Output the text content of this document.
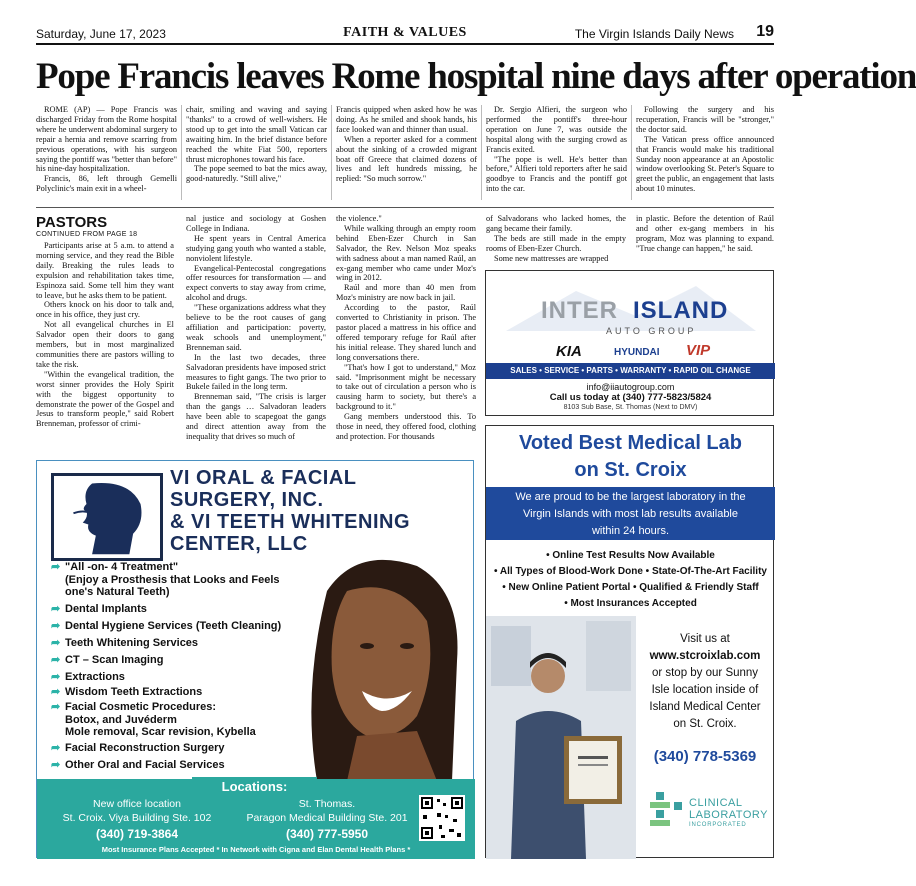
Saturday, June 17, 2023	FAITH & VALUES	The Virgin Islands Daily News 19
Pope Francis leaves Rome hospital nine days after operation

ROME (AP) — Pope Francis was discharged Friday from the Rome hospital where he underwent abdominal surgery to repair a hernia and remove scarring from previous operations, with his surgeon saying the pontiff was "better than before" his nine-day hospitalization.

Francis, 86, left through Gemelli Polyclinic's main exit in a wheel-

chair, smiling and waving and saying "thanks" to a crowd of well-wishers. He stood up to get into the small Vatican car awaiting him. In the brief distance before reached the white Fiat 500, reporters thrust microphones toward his face.

The pope seemed to bat the mics away, good-naturedly. "Still alive,"

Francis quipped when asked how he was doing. As he smiled and shook hands, his face looked wan and thinner than usual.

When a reporter asked for a comment about the sinking of a crowded migrant boat off Greece that claimed dozens of lives and left hundreds missing, he replied: "So much sorrow."

Dr. Sergio Alfieri, the surgeon who performed the pontiff's three-hour operation on June 7, was outside the hospital along with the surging crowd as Francis exited.

"The pope is well. He's better than before," Alfieri told reporters after he said goodbye to Francis and the pontiff got into the car.

Following the surgery and his recuperation, Francis will be "stronger," the doctor said.

The Vatican press office announced that Francis would make his traditional Sunday noon appearance at an Apostolic window overlooking St. Peter's Square to greet the public, an engagement that lasts about 10 minutes.

PASTORS
CONTINUED FROM PAGE 18

Participants arise at 5 a.m. to attend a morning service, and they read the Bible daily. Breaking the rules leads to expulsion and rehabilitation takes time, Espinoza said. Some tell him they want to leave, but he asks them to be patient.

Others knock on his door to talk and, once in his office, they just cry.

Not all evangelical churches in El Salvador open their doors to gang members, but in most marginalized communities there are pastors willing to take the risk.

"Within the evangelical tradition, the worst sinner provides the Holy Spirit with the biggest opportunity to demonstrate the power of the Gospel and Jesus to transform people," said Robert Brenneman, professor of crimi-

nal justice and sociology at Goshen College in Indiana.

He spent years in Central America studying gang youth who wanted a stable, nonviolent lifestyle.

Evangelical-Pentecostal congregations offer resources for transformation — and expect converts to stay away from crime, alcohol and drugs.

"These organizations address what they believe to be the root causes of gang affiliation and participation: poverty, weak schools and unemployment," Brenneman said.

In the last two decades, three Salvadoran presidents have imposed strict measures to fight gangs. The two prior to Bukele failed in the long term.

Brenneman said, "The crisis is larger than the gangs … Salvadoran leaders have been able to scapegoat the gangs and direct attention away from the inequality that drives so much of

the violence."

While walking through an empty room behind Eben-Ezer Church in San Salvador, the Rev. Nelson Moz speaks with sadness about a man named Raúl, an ex-gang member who came under Moz's wing in 2012.

Raúl and more than 40 men from Moz's ministry are now back in jail.

According to the pastor, Raúl converted to Christianity in prison. The pastor placed a mattress in his office and offered temporary refuge for Raúl after his initial release. They shared lunch and long conversations there.

"That's how I got to understand," Moz said. "Imprisonment might be necessary to take out of circulation a person who is causing harm to society, but there's a background to it."

Gang members understood this. To those in need, they offered food, clothing and protection. For thousands

of Salvadorans who lacked homes, the gang became their family.

The beds are still made in the empty rooms of Eben-Ezer Church.

Some new mattresses are wrapped

in plastic. Before the detention of Raúl and other ex-gang members in his program, Moz was planning to expand. "True change can happen," he said.

INTER ISLAND
AUTO GROUP
KIA	HYUNDAI VIP
SALES • SERVICE • PARTS • WARRANTY • RAPID OIL CHANGE
info@iiautogroup.com
Call us today at (340) 777-5823/5824
8103 Sub Base, St. Thomas (Next to DMV)
Voted Best Medical Lab
on St. Croix
We are proud to be the largest laboratory in the
Virgin Islands with most lab results available
within 24 hours.
• Online Test Results Now Available
• All Types of Blood-Work Done • State-Of-The-Art Facility
• New Online Patient Portal • Qualified & Friendly Staff
• Most Insurances Accepted
Visit us at
www.stcroixlab.com
or stop by our Sunny
Isle location inside of
Island Medical Center
on St. Croix.
(340) 778-5369
CLINICAL
LABORATORY
INCORPORATED
VI ORAL & FACIAL
SURGERY, INC.
& VI TEETH WHITENING
CENTER, LLC
➦ "All -on- 4 Treatment"
(Enjoy a Prosthesis that Looks and Feels
one's Natural Teeth)
➦ Dental Implants
➦ Dental Hygiene Services (Teeth Cleaning)
➦ Teeth Whitening Services
➦ CT – Scan Imaging
➦ Extractions
➦ Wisdom Teeth Extractions
➦ Facial Cosmetic Procedures:
Botox, and Juvéderm
Mole removal, Scar revision, Kybella
➦ Facial Reconstruction Surgery
➦ Other Oral and Facial Services
Locations:
New office location
St. Croix. Viya Building Ste. 102
St. Thomas.
Paragon Medical Building Ste. 201
(340) 719-3864	(340) 777-5950
Most Insurance Plans Accepted * In Network with Cigna and Elan Dental Health Plans *
